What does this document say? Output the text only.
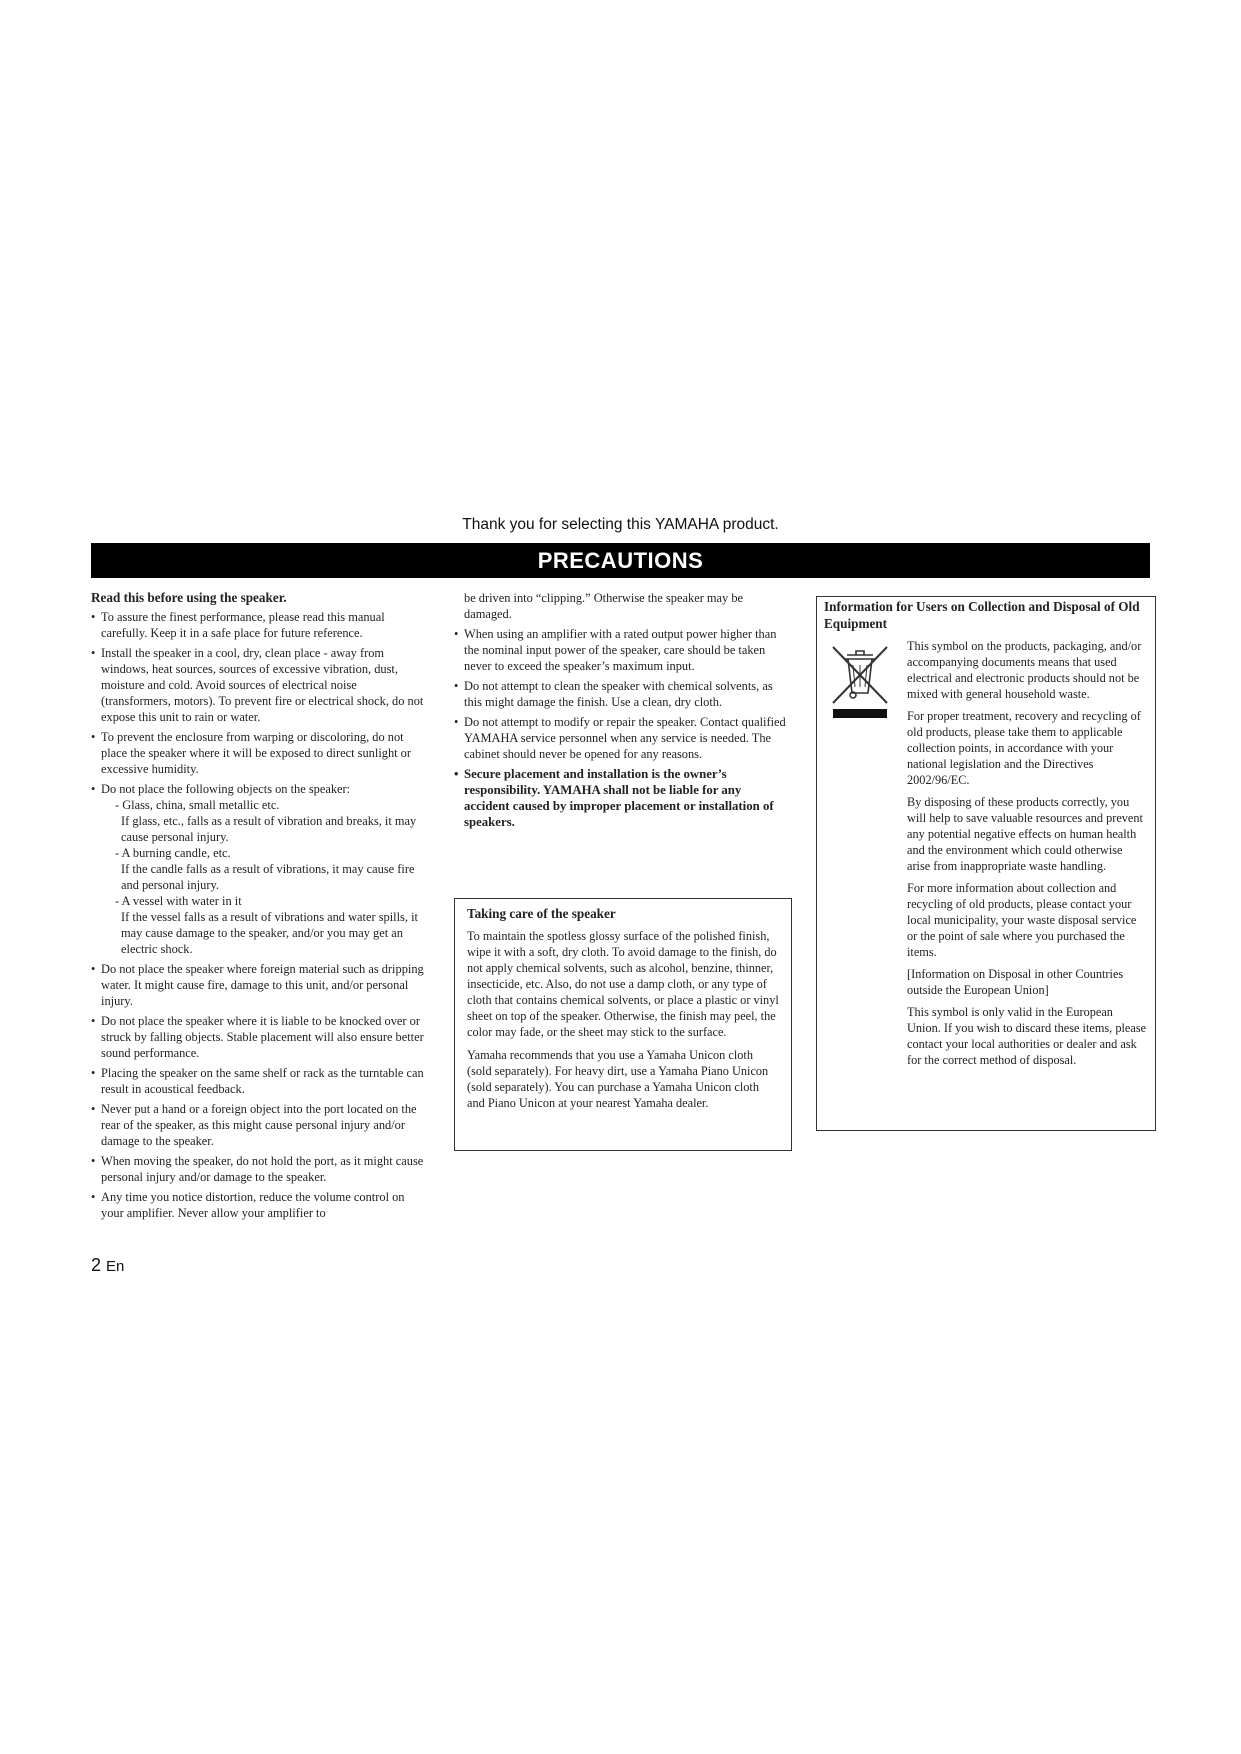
Thank you for selecting this YAMAHA product.
PRECAUTIONS
Read this before using the speaker.
• To assure the finest performance, please read this manual carefully. Keep it in a safe place for future reference.
• Install the speaker in a cool, dry, clean place - away from windows, heat sources, sources of excessive vibration, dust, moisture and cold. Avoid sources of electrical noise (transformers, motors). To prevent fire or electrical shock, do not expose this unit to rain or water.
• To prevent the enclosure from warping or discoloring, do not place the speaker where it will be exposed to direct sunlight or excessive humidity.
• Do not place the following objects on the speaker:
- Glass, china, small metallic etc.
If glass, etc., falls as a result of vibration and breaks, it may cause personal injury.
- A burning candle, etc.
If the candle falls as a result of vibrations, it may cause fire and personal injury.
- A vessel with water in it
If the vessel falls as a result of vibrations and water spills, it may cause damage to the speaker, and/or you may get an electric shock.
• Do not place the speaker where foreign material such as dripping water. It might cause fire, damage to this unit, and/or personal injury.
• Do not place the speaker where it is liable to be knocked over or struck by falling objects. Stable placement will also ensure better sound performance.
• Placing the speaker on the same shelf or rack as the turntable can result in acoustical feedback.
• Never put a hand or a foreign object into the port located on the rear of the speaker, as this might cause personal injury and/or damage to the speaker.
• When moving the speaker, do not hold the port, as it might cause personal injury and/or damage to the speaker.
• Any time you notice distortion, reduce the volume control on your amplifier. Never allow your amplifier to
be driven into “clipping.” Otherwise the speaker may be damaged.
• When using an amplifier with a rated output power higher than the nominal input power of the speaker, care should be taken never to exceed the speaker’s maximum input.
• Do not attempt to clean the speaker with chemical solvents, as this might damage the finish. Use a clean, dry cloth.
• Do not attempt to modify or repair the speaker. Contact qualified YAMAHA service personnel when any service is needed. The cabinet should never be opened for any reasons.
• Secure placement and installation is the owner’s responsibility. YAMAHA shall not be liable for any accident caused by improper placement or installation of speakers.
Taking care of the speaker

To maintain the spotless glossy surface of the polished finish, wipe it with a soft, dry cloth. To avoid damage to the finish, do not apply chemical solvents, such as alcohol, benzine, thinner, insecticide, etc. Also, do not use a damp cloth, or any type of cloth that contains chemical solvents, or place a plastic or vinyl sheet on top of the speaker. Otherwise, the finish may peel, the color may fade, or the sheet may stick to the surface.

Yamaha recommends that you use a Yamaha Unicon cloth (sold separately). For heavy dirt, use a Yamaha Piano Unicon (sold separately). You can purchase a Yamaha Unicon cloth and Piano Unicon at your nearest Yamaha dealer.

Information for Users on Collection and Disposal of Old Equipment

This symbol on the products, packaging, and/or accompanying documents means that used electrical and electronic products should not be mixed with general household waste.

For proper treatment, recovery and recycling of old products, please take them to applicable collection points, in accordance with your national legislation and the Directives 2002/96/EC.

By disposing of these products correctly, you will help to save valuable resources and prevent any potential negative effects on human health and the environment which could otherwise arise from inappropriate waste handling.

For more information about collection and recycling of old products, please contact your local municipality, your waste disposal service or the point of sale where you purchased the items.

[Information on Disposal in other Countries outside the European Union]

This symbol is only valid in the European Union. If you wish to discard these items, please contact your local authorities or dealer and ask for the correct method of disposal.

2 En
